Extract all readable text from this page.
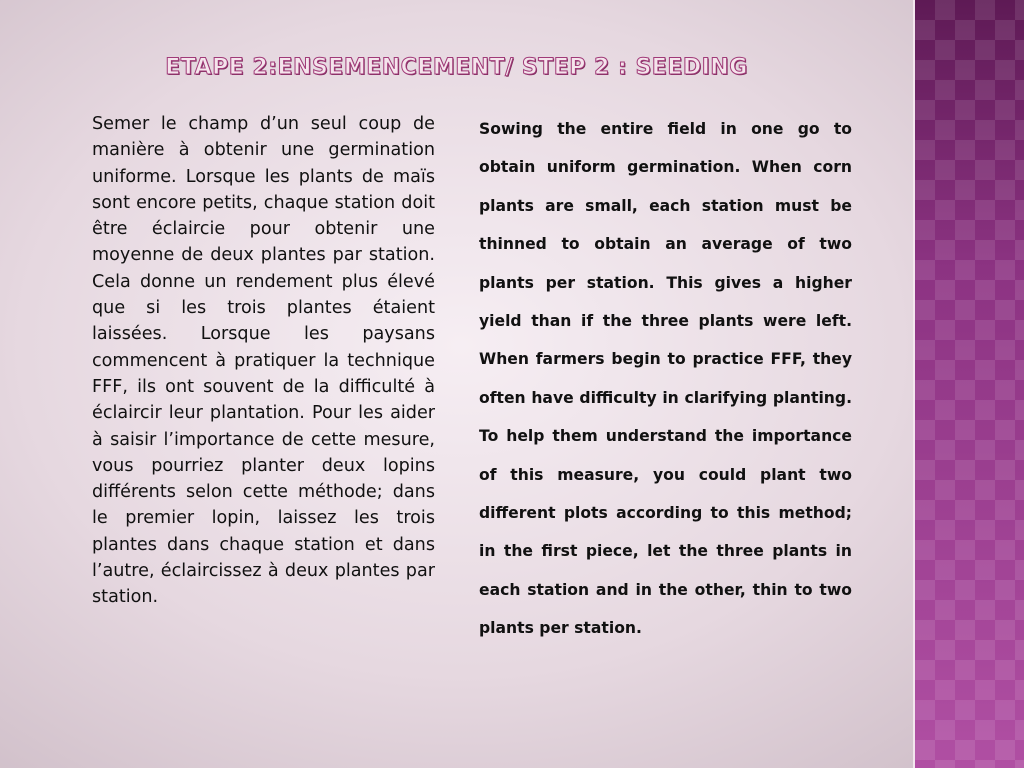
ETAPE 2:ENSEMENCEMENT/ STEP 2 : SEEDING
Semer le champ d’un seul coup de manière à obtenir une germination uniforme. Lorsque les plants de maïs sont encore petits, chaque station doit être éclaircie pour obtenir une moyenne de deux plantes par station. Cela donne un rendement plus élevé que si les trois plantes étaient laissées. Lorsque les paysans commencent à pratiquer la technique FFF, ils ont souvent de la difficulté à éclaircir leur plantation. Pour les aider à saisir l’importance de cette mesure, vous pourriez planter deux lopins différents selon cette méthode; dans le premier lopin, laissez les trois plantes dans chaque station et dans l’autre, éclaircissez à deux plantes par station.
Sowing the entire field in one go to obtain uniform germination. When corn plants are small, each station must be thinned to obtain an average of two plants per station. This gives a higher yield than if the three plants were left. When farmers begin to practice FFF, they often have difficulty in clarifying planting. To help them understand the importance of this measure, you could plant two different plots according to this method; in the first piece, let the three plants in each station and in the other, thin to two plants per station.
